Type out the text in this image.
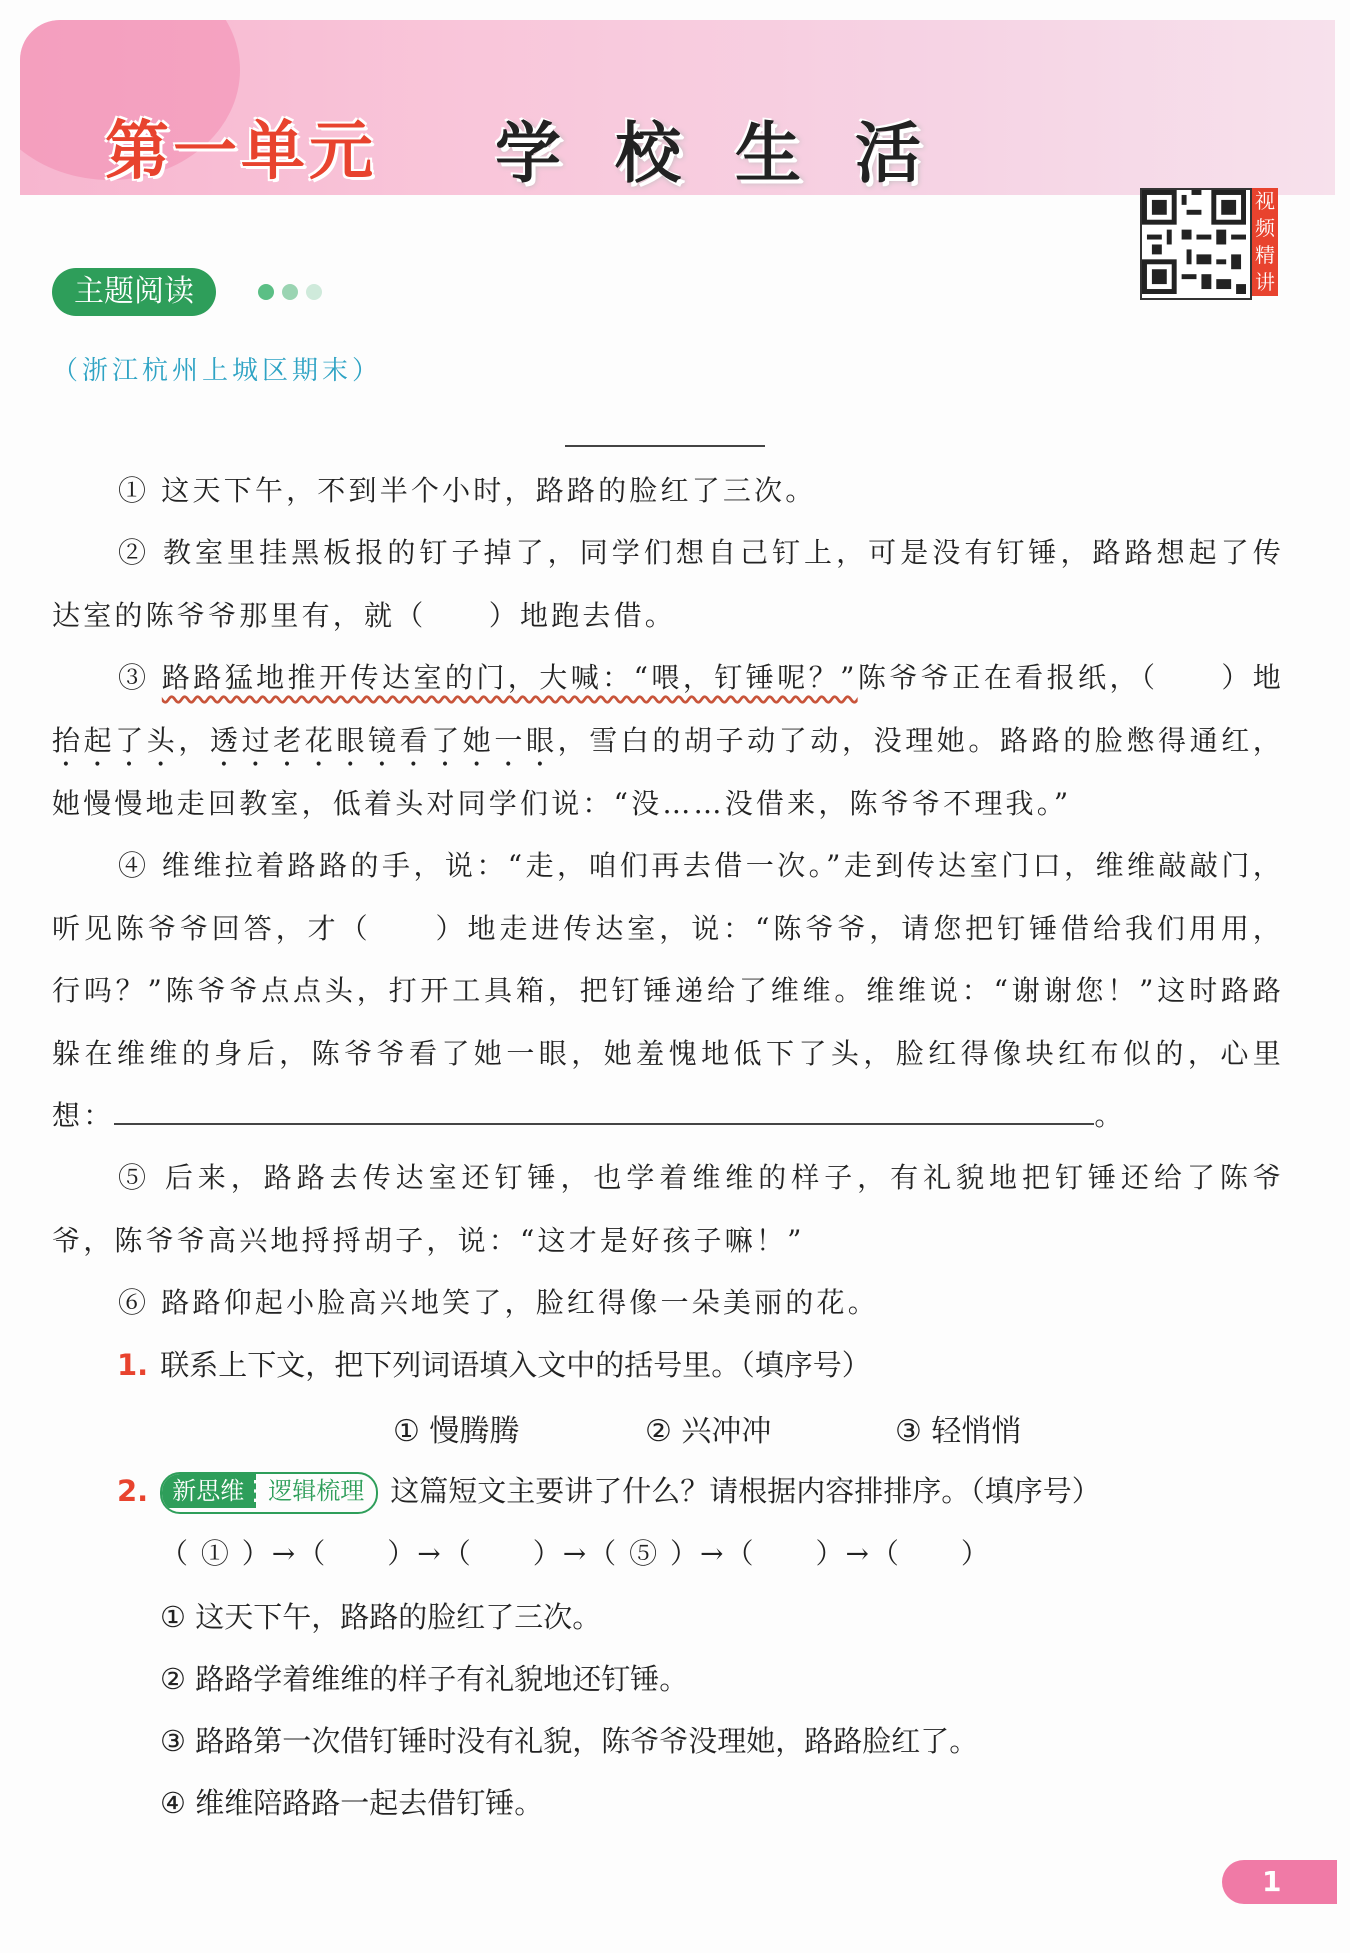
第一单元 学校生活
视频精讲
主题阅读
（浙江杭州上城区期末）
① 这天下午，不到半个小时，路路的脸红了三次。
② 教室里挂黑板报的钉子掉了，同学们想自己钉上，可是没有钉锤，路路想起了传达室的陈爷爷那里有，就（　　）地跑去借。
③ 路路猛地推开传达室的门，大喊：“喂，钉锤呢？”陈爷爷正在看报纸，（　　）地抬起了头，透过老花眼镜看了她一眼，雪白的胡子动了动，没理她。路路的脸憋得通红，她慢慢地走回教室，低着头对同学们说：“没……没借来，陈爷爷不理我。”
④ 维维拉着路路的手，说：“走，咱们再去借一次。”走到传达室门口，维维敲敲门，听见陈爷爷回答，才（　　）地走进传达室，说：“陈爷爷，请您把钉锤借给我们用用，行吗？”陈爷爷点点头，打开工具箱，把钉锤递给了维维。维维说：“谢谢您！”这时路路躲在维维的身后，陈爷爷看了她一眼，她羞愧地低下了头，脸红得像块红布似的，心里想：	。
⑤ 后来，路路去传达室还钉锤，也学着维维的样子，有礼貌地把钉锤还给了陈爷爷，陈爷爷高兴地捋捋胡子，说：“这才是好孩子嘛！”
⑥ 路路仰起小脸高兴地笑了，脸红得像一朵美丽的花。
1. 联系上下文，把下列词语填入文中的括号里。（填序号）
① 慢腾腾	② 兴冲冲	③ 轻悄悄
2. 新思维 逻辑梳理 这篇短文主要讲了什么？请根据内容排排序。（填序号）
（ ① ）→（　　）→（　　）→（ ⑤ ）→（　　）→（　　）
① 这天下午，路路的脸红了三次。
② 路路学着维维的样子有礼貌地还钉锤。
③ 路路第一次借钉锤时没有礼貌，陈爷爷没理她，路路脸红了。
④ 维维陪路路一起去借钉锤。
1
